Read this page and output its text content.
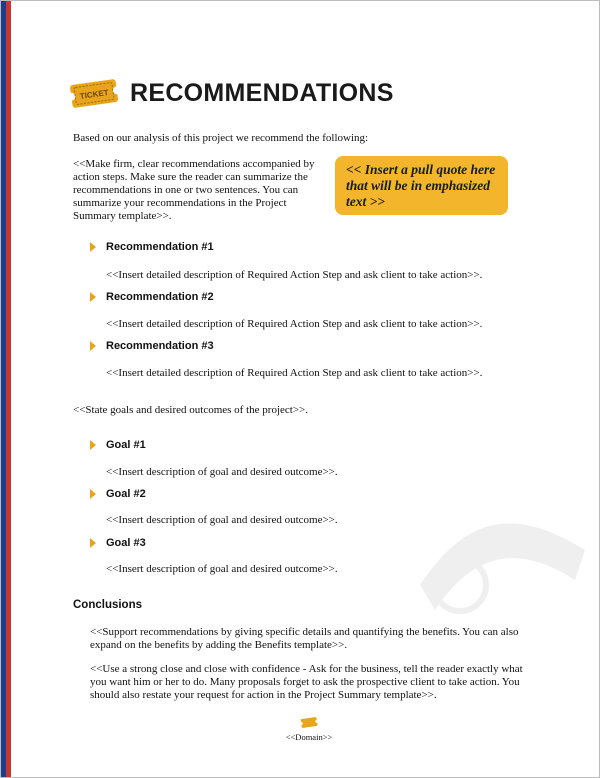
TICKET RECOMMENDATIONS
Based on our analysis of this project we recommend the following:
<<Make firm, clear recommendations accompanied by
action steps. Make sure the reader can summarize the
recommendations in one or two sentences. You can
summarize your recommendations in the Project
Summary template>>.
<< Insert a pull quote here
that will be in emphasized
text >>
Recommendation #1
<<Insert detailed description of Required Action Step and ask client to take action>>.
Recommendation #2
<<Insert detailed description of Required Action Step and ask client to take action>>.
Recommendation #3
<<Insert detailed description of Required Action Step and ask client to take action>>.
<<State goals and desired outcomes of the project>>.
Goal #1
<<Insert description of goal and desired outcome>>.
Goal #2
<<Insert description of goal and desired outcome>>.
Goal #3
<<Insert description of goal and desired outcome>>.
Conclusions
<<Support recommendations by giving specific details and quantifying the benefits. You can also
expand on the benefits by adding the Benefits template>>.
<<Use a strong close and close with confidence - Ask for the business, tell the reader exactly what
you want him or her to do. Many proposals forget to ask the prospective client to take action. You
should also restate your request for action in the Project Summary template>>.
<<Domain>>
